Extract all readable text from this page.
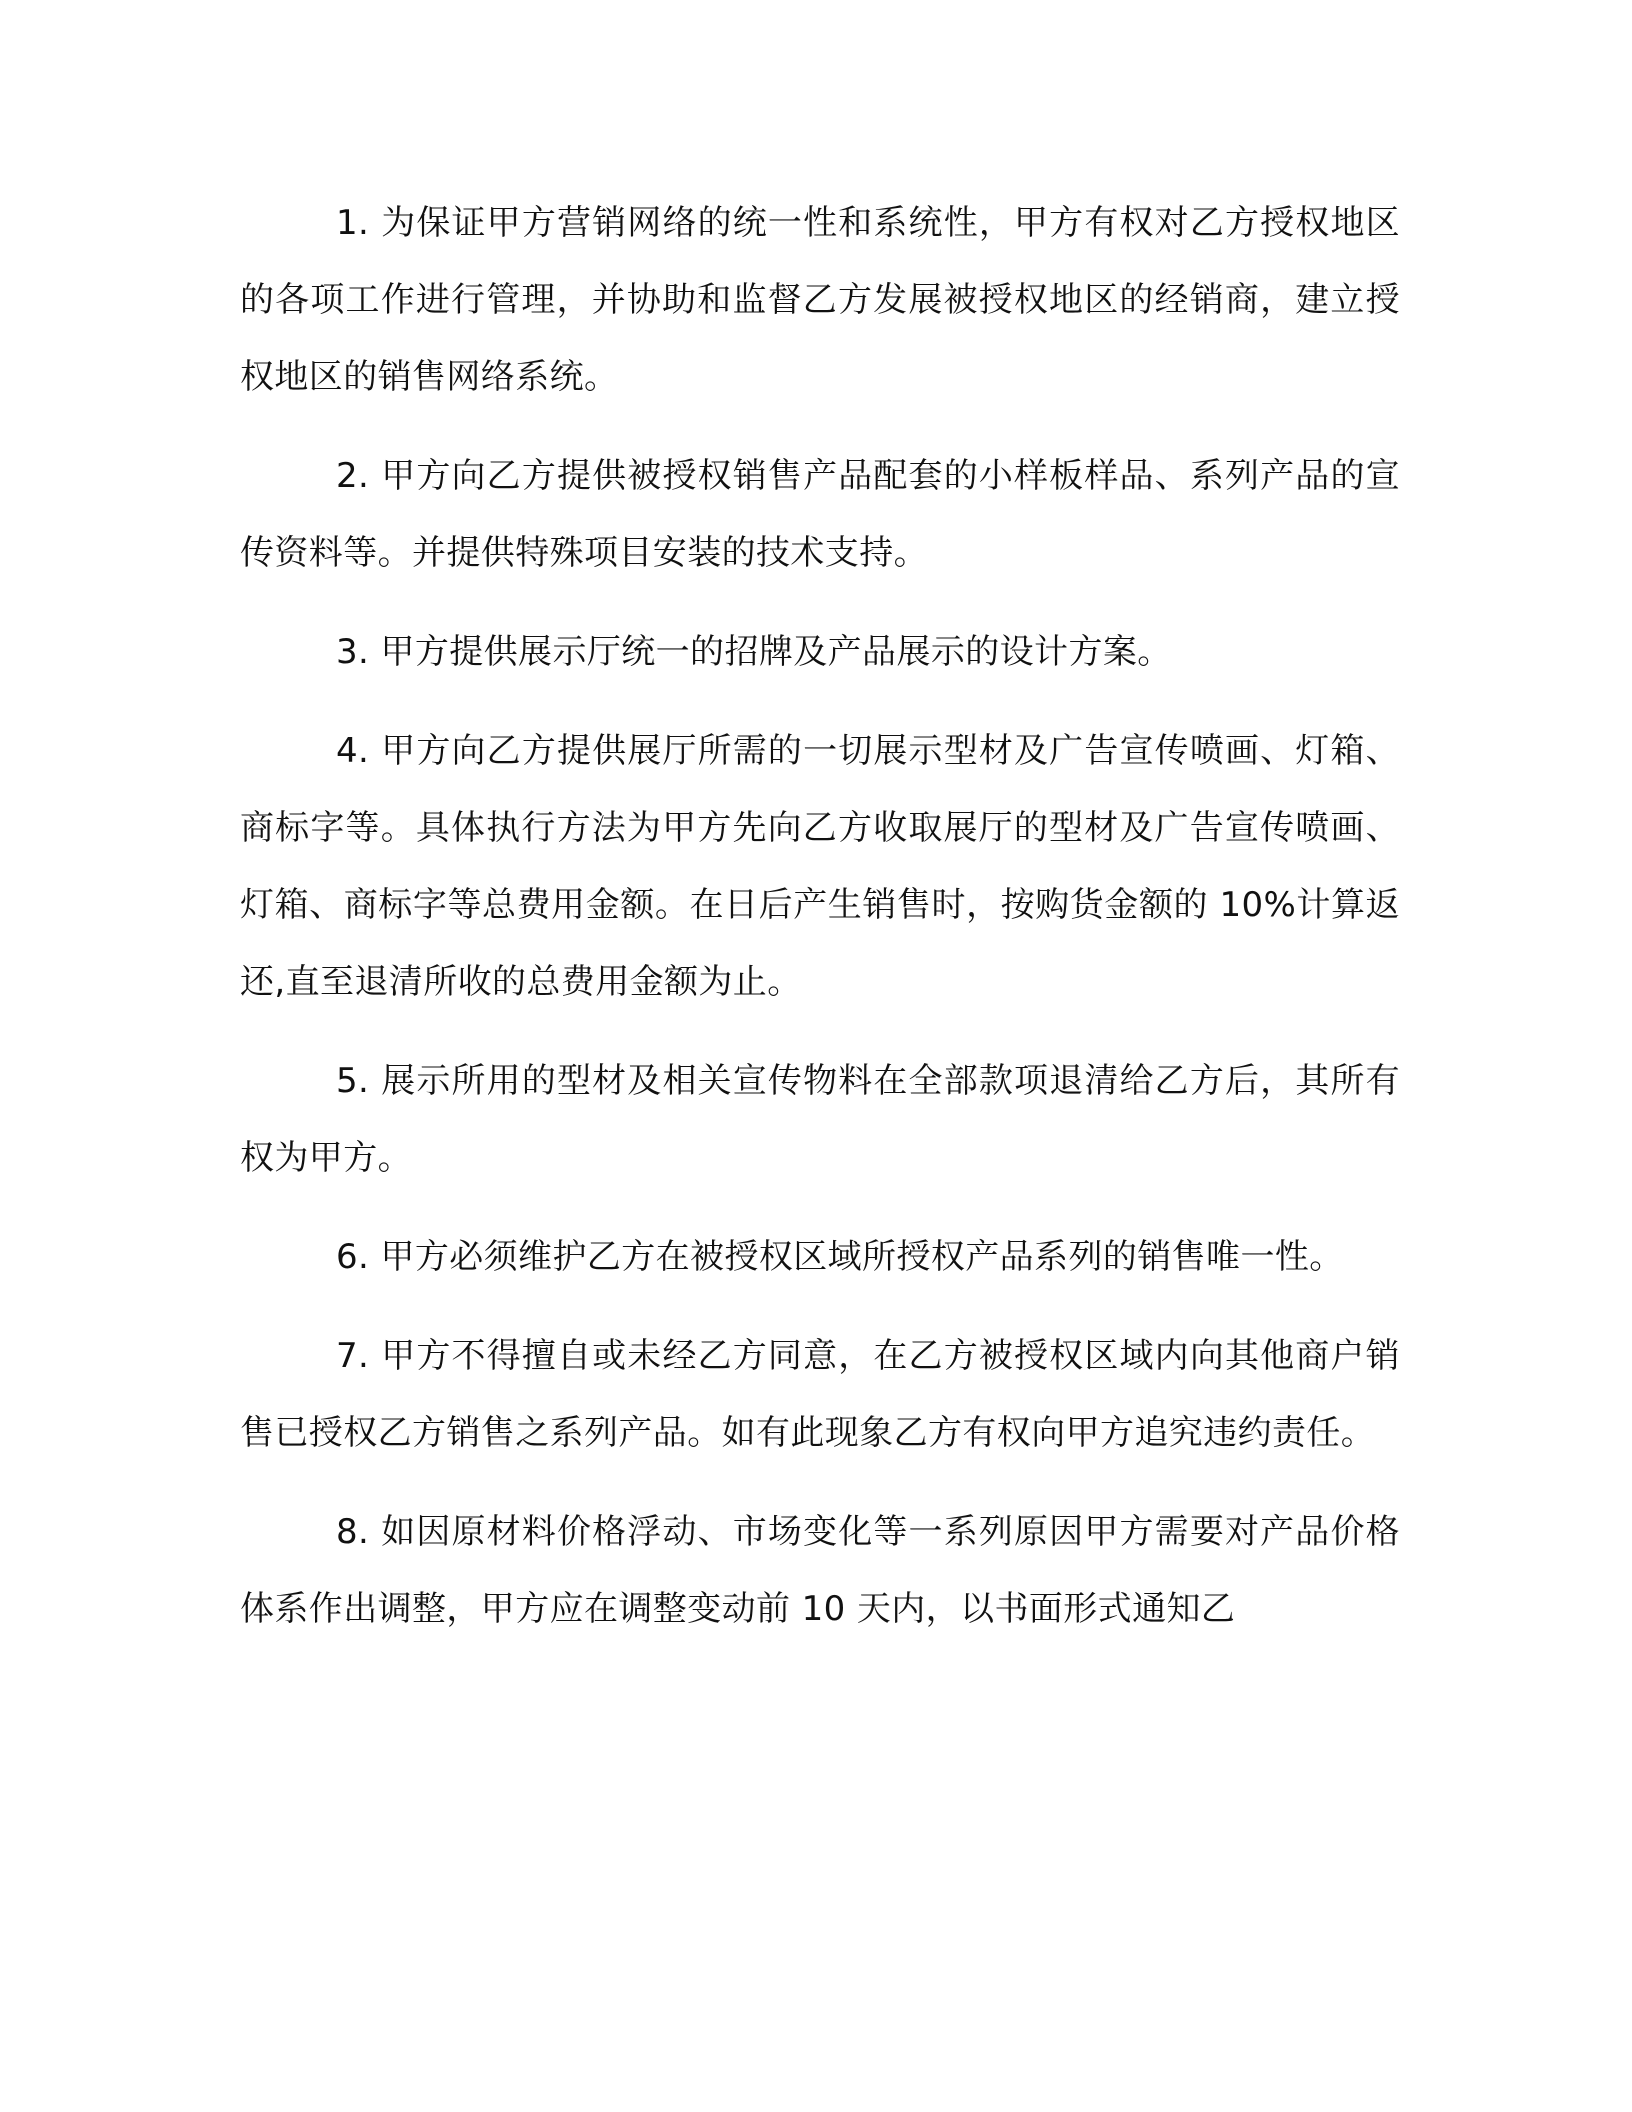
1. 为保证甲方营销网络的统一性和系统性，甲方有权对乙方授权地区的各项工作进行管理，并协助和监督乙方发展被授权地区的经销商，建立授权地区的销售网络系统。

2. 甲方向乙方提供被授权销售产品配套的小样板样品、系列产品的宣传资料等。并提供特殊项目安装的技术支持。

3. 甲方提供展示厅统一的招牌及产品展示的设计方案。

4. 甲方向乙方提供展厅所需的一切展示型材及广告宣传喷画、灯箱、商标字等。具体执行方法为甲方先向乙方收取展厅的型材及广告宣传喷画、灯箱、商标字等总费用金额。在日后产生销售时，按购货金额的 10%计算返还,直至退清所收的总费用金额为止。

5. 展示所用的型材及相关宣传物料在全部款项退清给乙方后，其所有权为甲方。

6. 甲方必须维护乙方在被授权区域所授权产品系列的销售唯一性。

7. 甲方不得擅自或未经乙方同意，在乙方被授权区域内向其他商户销售已授权乙方销售之系列产品。如有此现象乙方有权向甲方追究违约责任。

8. 如因原材料价格浮动、市场变化等一系列原因甲方需要对产品价格体系作出调整，甲方应在调整变动前 10 天内，以书面形式通知乙
